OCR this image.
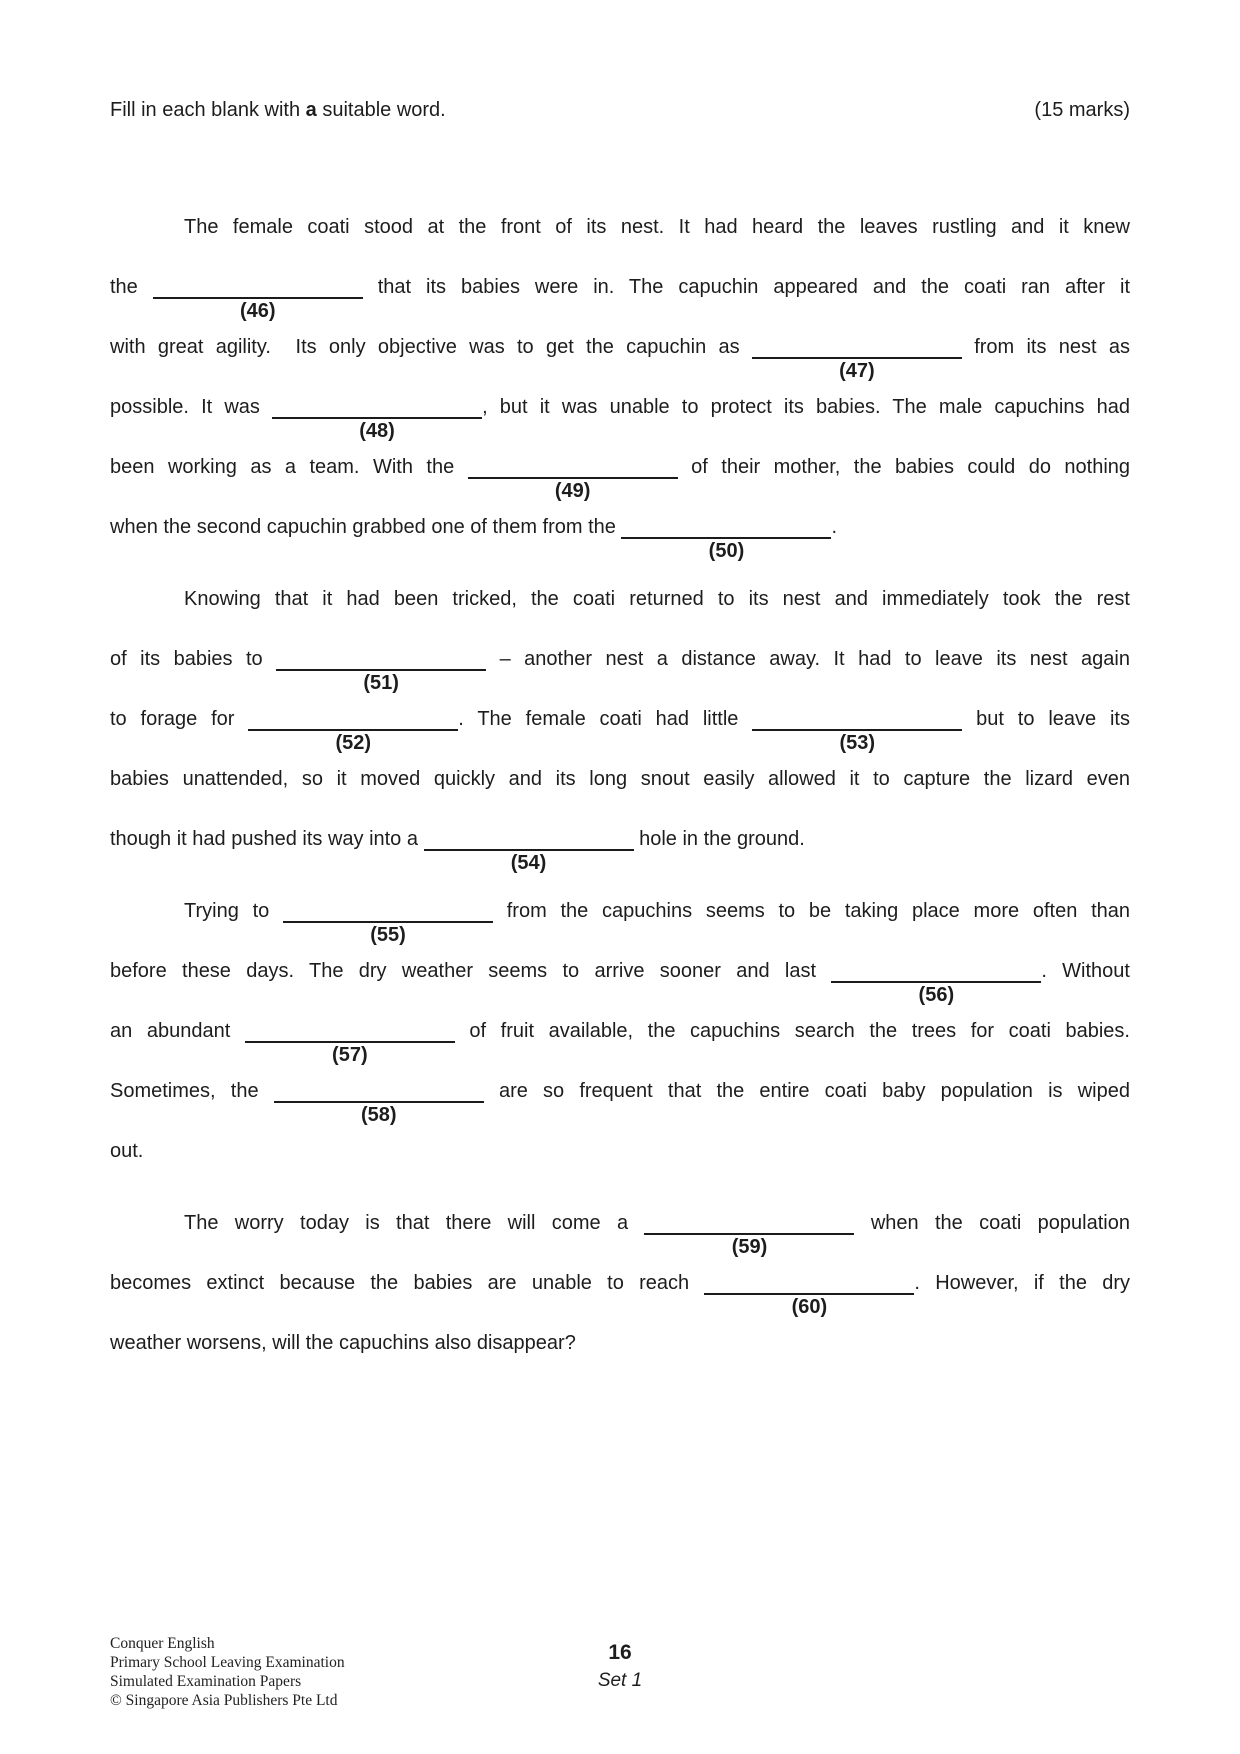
Fill in each blank with a suitable word.	(15 marks)
The female coati stood at the front of its nest. It had heard the leaves rustling and it knew
the
(46)
that its babies were in. The capuchin appeared and the coati ran after it
with great agility.  Its only objective was to get the capuchin as
(47)
from its nest as
possible. It was
(48)
, but it was unable to protect its babies. The male capuchins had
been working as a team. With the
(49)
of their mother, the babies could do nothing
when the second capuchin grabbed one of them from the
(50)
.
Knowing that it had been tricked, the coati returned to its nest and immediately took the rest
of its babies to
(51)
– another nest a distance away. It had to leave its nest again
to forage for
(52)
. The female coati had little
(53)
but to leave its
babies unattended, so it moved quickly and its long snout easily allowed it to capture the lizard even
though it had pushed its way into a
(54)
hole in the ground.
Trying to
(55)
from the capuchins seems to be taking place more often than
before these days. The dry weather seems to arrive sooner and last
(56)
. Without
an abundant
(57)
of fruit available, the capuchins search the trees for coati babies.
Sometimes, the
(58)
are so frequent that the entire coati baby population is wiped
out.
The worry today is that there will come a
(59)
when the coati population
becomes extinct because the babies are unable to reach
(60)
. However, if the dry
weather worsens, will the capuchins also disappear?
Conquer English
Primary School Leaving Examination
Simulated Examination Papers
© Singapore Asia Publishers Pte Ltd
16
Set 1
